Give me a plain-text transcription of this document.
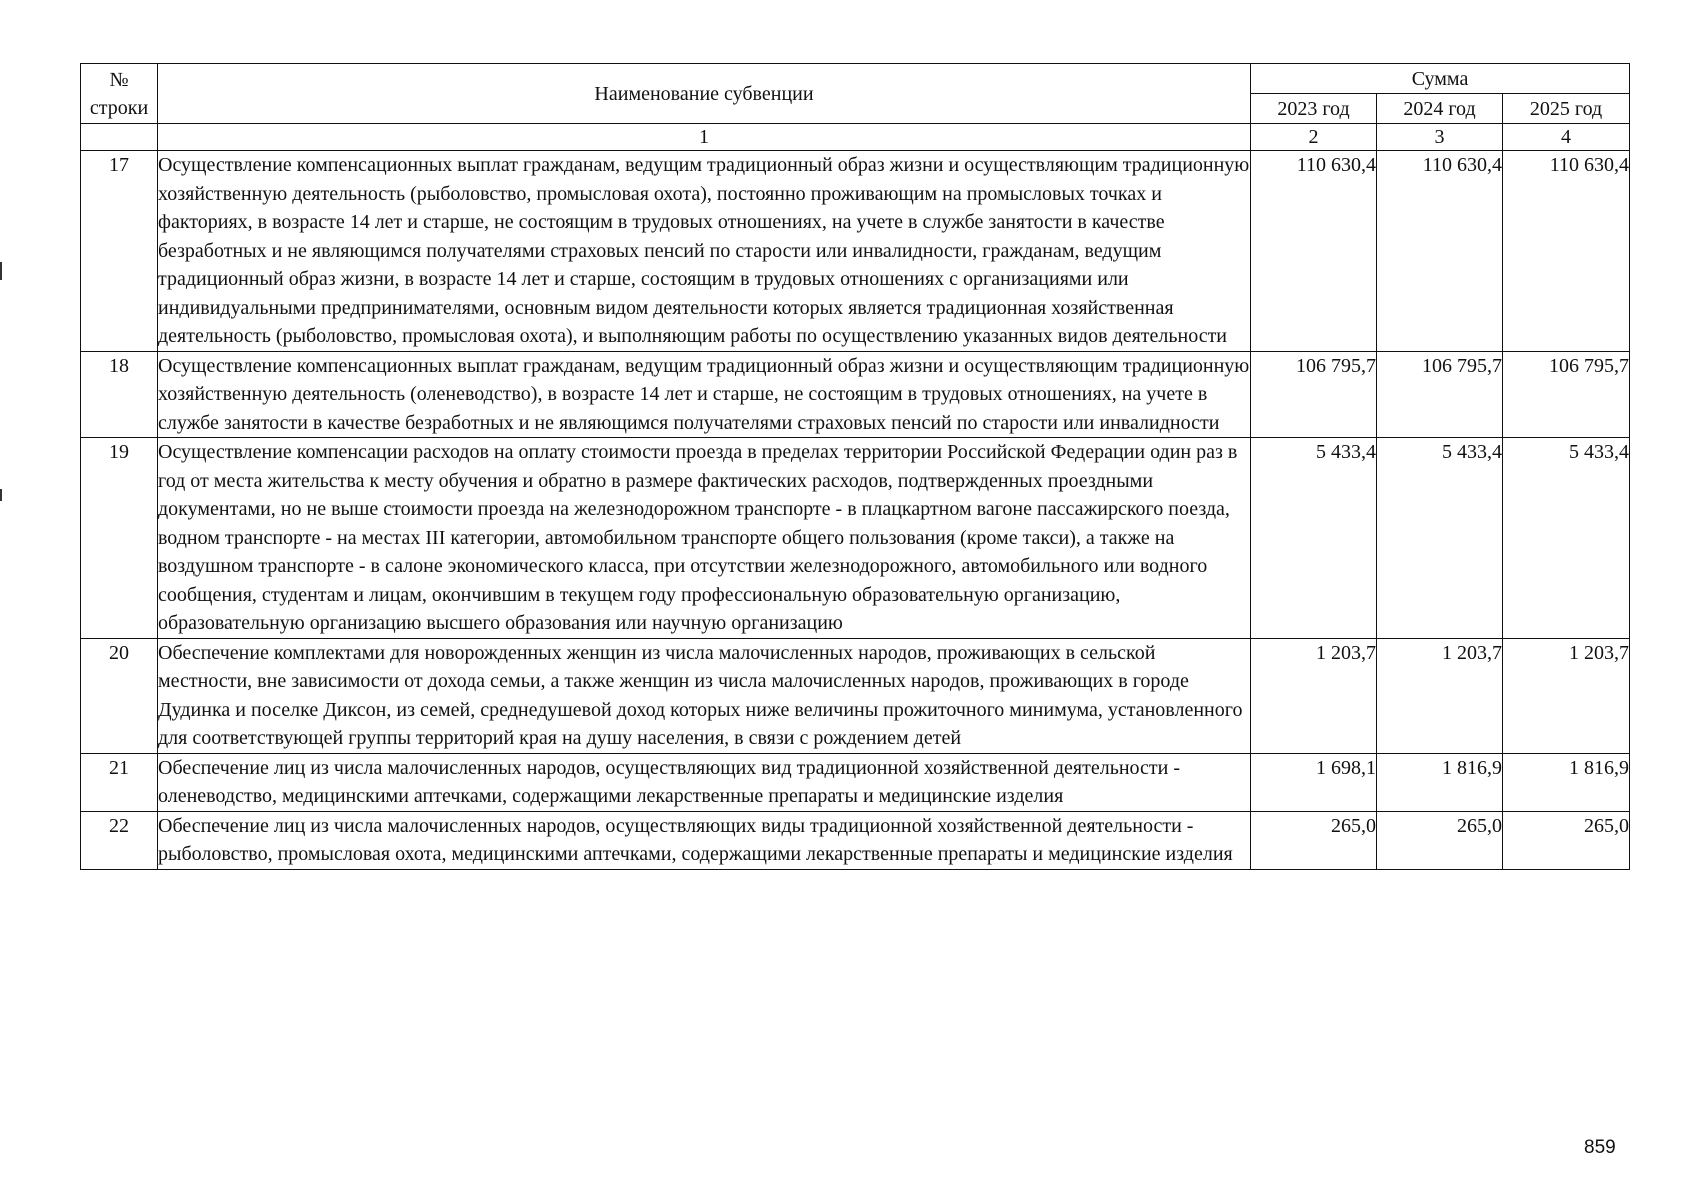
№ строки	Наименование субвенции	Сумма		
		2023 год	2024 год	2025 год
	1	2	3	4
17	Осуществление компенсационных выплат гражданам, ведущим традиционный образ жизни и осуществляющим традиционную хозяйственную деятельность (рыболовство, промысловая охота), постоянно проживающим на промысловых точках и факториях, в возрасте 14 лет и старше, не состоящим в трудовых отношениях, на учете в службе занятости в качестве безработных и не являющимся получателями страховых пенсий по старости или инвалидности, гражданам, ведущим традиционный образ жизни, в возрасте 14 лет и старше, состоящим в трудовых отношениях с организациями или индивидуальными предпринимателями, основным видом деятельности которых является традиционная хозяйственная деятельность (рыболовство, промысловая охота), и выполняющим работы по осуществлению указанных видов деятельности	110 630,4	110 630,4	110 630,4
18	Осуществление компенсационных выплат гражданам, ведущим традиционный образ жизни и осуществляющим традиционную хозяйственную деятельность (оленеводство), в возрасте 14 лет и старше, не состоящим в трудовых отношениях, на учете в службе занятости в качестве безработных и не являющимся получателями страховых пенсий по старости или инвалидности	106 795,7	106 795,7	106 795,7
19	Осуществление компенсации расходов на оплату стоимости проезда в пределах территории Российской Федерации один раз в год от места жительства к месту обучения и обратно в размере фактических расходов, подтвержденных проездными документами, но не выше стоимости проезда на железнодорожном транспорте - в плацкартном вагоне пассажирского поезда, водном транспорте - на местах III категории, автомобильном транспорте общего пользования (кроме такси), а также на воздушном транспорте - в салоне экономического класса, при отсутствии железнодорожного, автомобильного или водного сообщения, студентам и лицам, окончившим в текущем году профессиональную образовательную организацию, образовательную организацию высшего образования или научную организацию	5 433,4	5 433,4	5 433,4
20	Обеспечение комплектами для новорожденных женщин из числа малочисленных народов, проживающих в сельской местности, вне зависимости от дохода семьи, а также женщин из числа малочисленных народов, проживающих в городе Дудинка и поселке Диксон, из семей, среднедушевой доход которых ниже величины прожиточного минимума, установленного для соответствующей группы территорий края на душу населения, в связи с рождением детей	1 203,7	1 203,7	1 203,7
21	Обеспечение лиц из числа малочисленных народов, осуществляющих вид традиционной хозяйственной деятельности - оленеводство, медицинскими аптечками, содержащими лекарственные препараты и медицинские изделия	1 698,1	1 816,9	1 816,9
22	Обеспечение лиц из числа малочисленных народов, осуществляющих виды традиционной хозяйственной деятельности - рыболовство, промысловая охота, медицинскими аптечками, содержащими лекарственные препараты и медицинские изделия	265,0	265,0	265,0
859
